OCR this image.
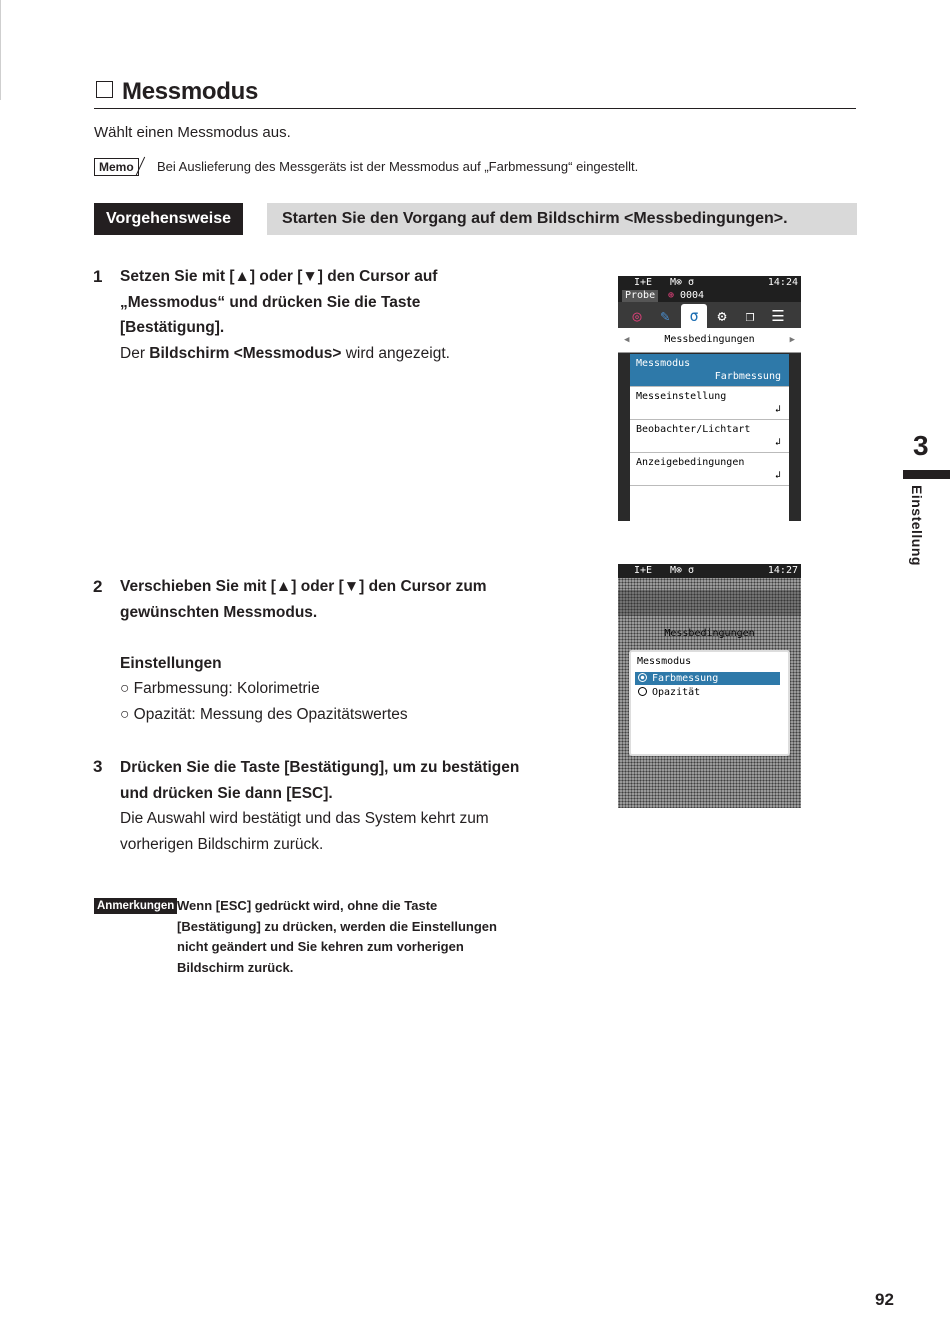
Messmodus
Wählt einen Messmodus aus.
Memo	Bei Auslieferung des Messgeräts ist der Messmodus auf „Farbmessung“ eingestellt.
Vorgehensweise	Starten Sie den Vorgang auf dem Bildschirm <Messbedingungen>.
1 Setzen Sie mit [▲] oder [▼] den Cursor auf
„Messmodus“ und drücken Sie die Taste
[Bestätigung].
Der Bildschirm <Messmodus> wird angezeigt.
2 Verschieben Sie mit [▲] oder [▼] den Cursor zum
gewünschten Messmodus.
Einstellungen
○ Farbmessung: Kolorimetrie
○ Opazität: Messung des Opazitätswertes
3 Drücken Sie die Taste [Bestätigung], um zu bestätigen
und drücken Sie dann [ESC].
Die Auswahl wird bestätigt und das System kehrt zum
vorherigen Bildschirm zurück.
Anmerkungen Wenn [ESC] gedrückt wird, ohne die Taste [Bestätigung] zu drücken, werden die Einstellungen nicht geändert und Sie kehren zum vorherigen Bildschirm zurück.
3
Einstellung
92
I+E M⊗ σ	14:24
Probe	⊕ 0004
◎	✎	σ	⚙	❐	☰
◀	Messbedingungen	▶
Messmodus
Farbmessung
Messeinstellung
↲
Beobachter/Lichtart
↲
Anzeigebedingungen
↲
I+E M⊗ σ	14:27
Messbedingungen
Messmodus
Farbmessung
Opazität
